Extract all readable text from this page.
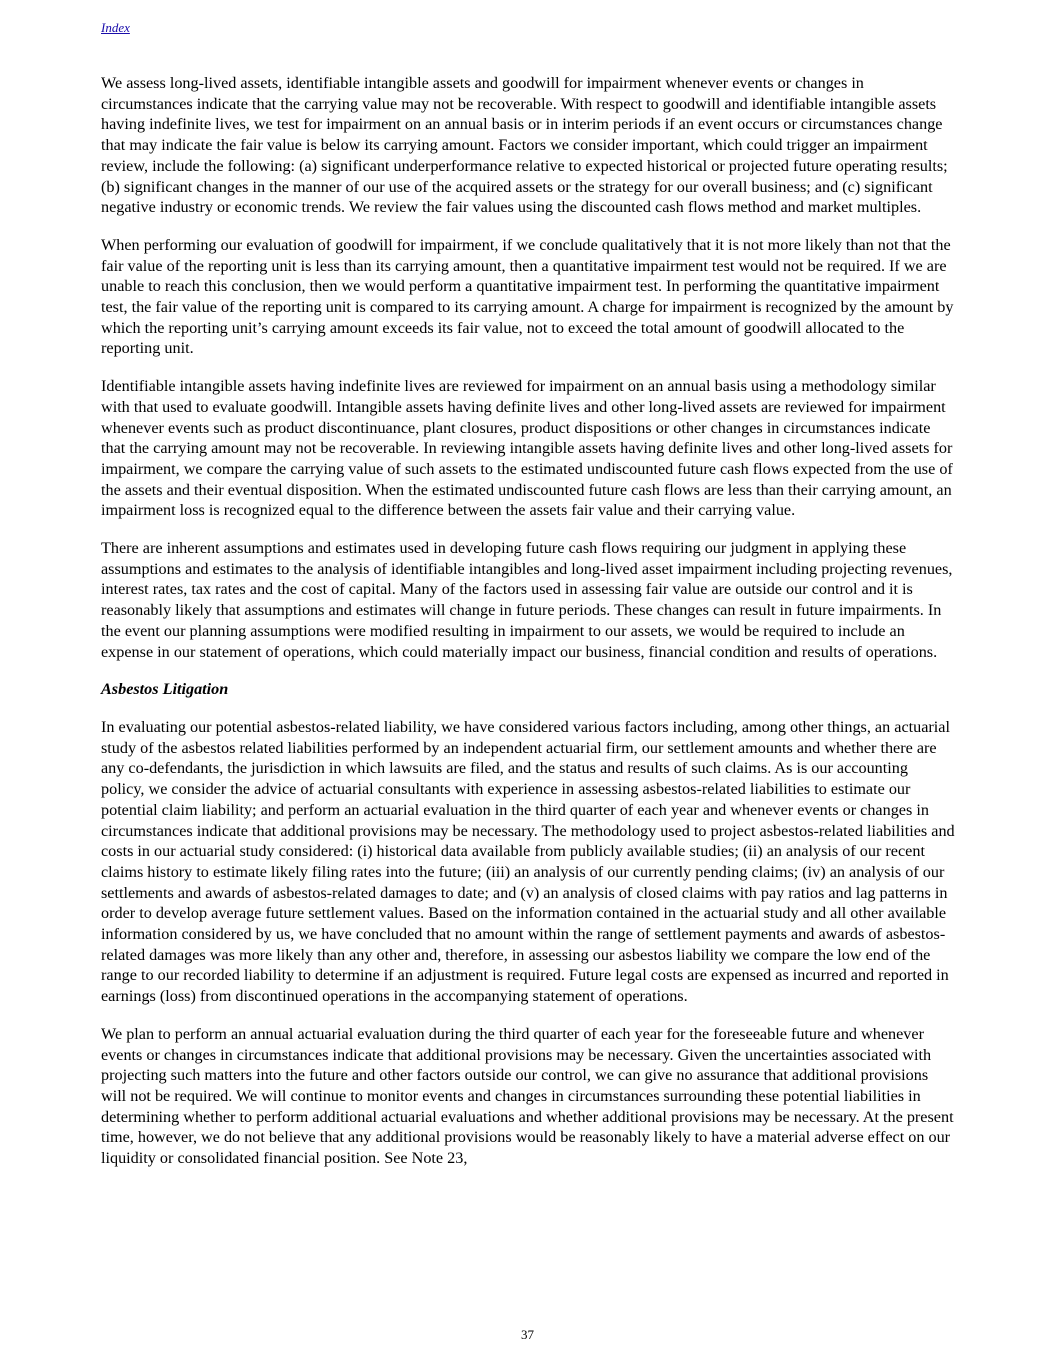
Index

We assess long-lived assets, identifiable intangible assets and goodwill for impairment whenever events or changes in circumstances indicate that the carrying value may not be recoverable. With respect to goodwill and identifiable intangible assets having indefinite lives, we test for impairment on an annual basis or in interim periods if an event occurs or circumstances change that may indicate the fair value is below its carrying amount. Factors we consider important, which could trigger an impairment review, include the following: (a) significant underperformance relative to expected historical or projected future operating results; (b) significant changes in the manner of our use of the acquired assets or the strategy for our overall business; and (c) significant negative industry or economic trends. We review the fair values using the discounted cash flows method and market multiples.

When performing our evaluation of goodwill for impairment, if we conclude qualitatively that it is not more likely than not that the fair value of the reporting unit is less than its carrying amount, then a quantitative impairment test would not be required. If we are unable to reach this conclusion, then we would perform a quantitative impairment test. In performing the quantitative impairment test, the fair value of the reporting unit is compared to its carrying amount. A charge for impairment is recognized by the amount by which the reporting unit’s carrying amount exceeds its fair value, not to exceed the total amount of goodwill allocated to the reporting unit.

Identifiable intangible assets having indefinite lives are reviewed for impairment on an annual basis using a methodology similar with that used to evaluate goodwill. Intangible assets having definite lives and other long-lived assets are reviewed for impairment whenever events such as product discontinuance, plant closures, product dispositions or other changes in circumstances indicate that the carrying amount may not be recoverable. In reviewing intangible assets having definite lives and other long-lived assets for impairment, we compare the carrying value of such assets to the estimated undiscounted future cash flows expected from the use of the assets and their eventual disposition. When the estimated undiscounted future cash flows are less than their carrying amount, an impairment loss is recognized equal to the difference between the assets fair value and their carrying value.

There are inherent assumptions and estimates used in developing future cash flows requiring our judgment in applying these assumptions and estimates to the analysis of identifiable intangibles and long-lived asset impairment including projecting revenues, interest rates, tax rates and the cost of capital. Many of the factors used in assessing fair value are outside our control and it is reasonably likely that assumptions and estimates will change in future periods. These changes can result in future impairments. In the event our planning assumptions were modified resulting in impairment to our assets, we would be required to include an expense in our statement of operations, which could materially impact our business, financial condition and results of operations.

Asbestos Litigation

In evaluating our potential asbestos-related liability, we have considered various factors including, among other things, an actuarial study of the asbestos related liabilities performed by an independent actuarial firm, our settlement amounts and whether there are any co-defendants, the jurisdiction in which lawsuits are filed, and the status and results of such claims. As is our accounting policy, we consider the advice of actuarial consultants with experience in assessing asbestos-related liabilities to estimate our potential claim liability; and perform an actuarial evaluation in the third quarter of each year and whenever events or changes in circumstances indicate that additional provisions may be necessary. The methodology used to project asbestos-related liabilities and costs in our actuarial study considered: (i) historical data available from publicly available studies; (ii) an analysis of our recent claims history to estimate likely filing rates into the future; (iii) an analysis of our currently pending claims; (iv) an analysis of our settlements and awards of asbestos-related damages to date; and (v) an analysis of closed claims with pay ratios and lag patterns in order to develop average future settlement values. Based on the information contained in the actuarial study and all other available information considered by us, we have concluded that no amount within the range of settlement payments and awards of asbestos-related damages was more likely than any other and, therefore, in assessing our asbestos liability we compare the low end of the range to our recorded liability to determine if an adjustment is required. Future legal costs are expensed as incurred and reported in earnings (loss) from discontinued operations in the accompanying statement of operations.

We plan to perform an annual actuarial evaluation during the third quarter of each year for the foreseeable future and whenever events or changes in circumstances indicate that additional provisions may be necessary. Given the uncertainties associated with projecting such matters into the future and other factors outside our control, we can give no assurance that additional provisions will not be required. We will continue to monitor events and changes in circumstances surrounding these potential liabilities in determining whether to perform additional actuarial evaluations and whether additional provisions may be necessary. At the present time, however, we do not believe that any additional provisions would be reasonably likely to have a material adverse effect on our liquidity or consolidated financial position. See Note 23,

37
